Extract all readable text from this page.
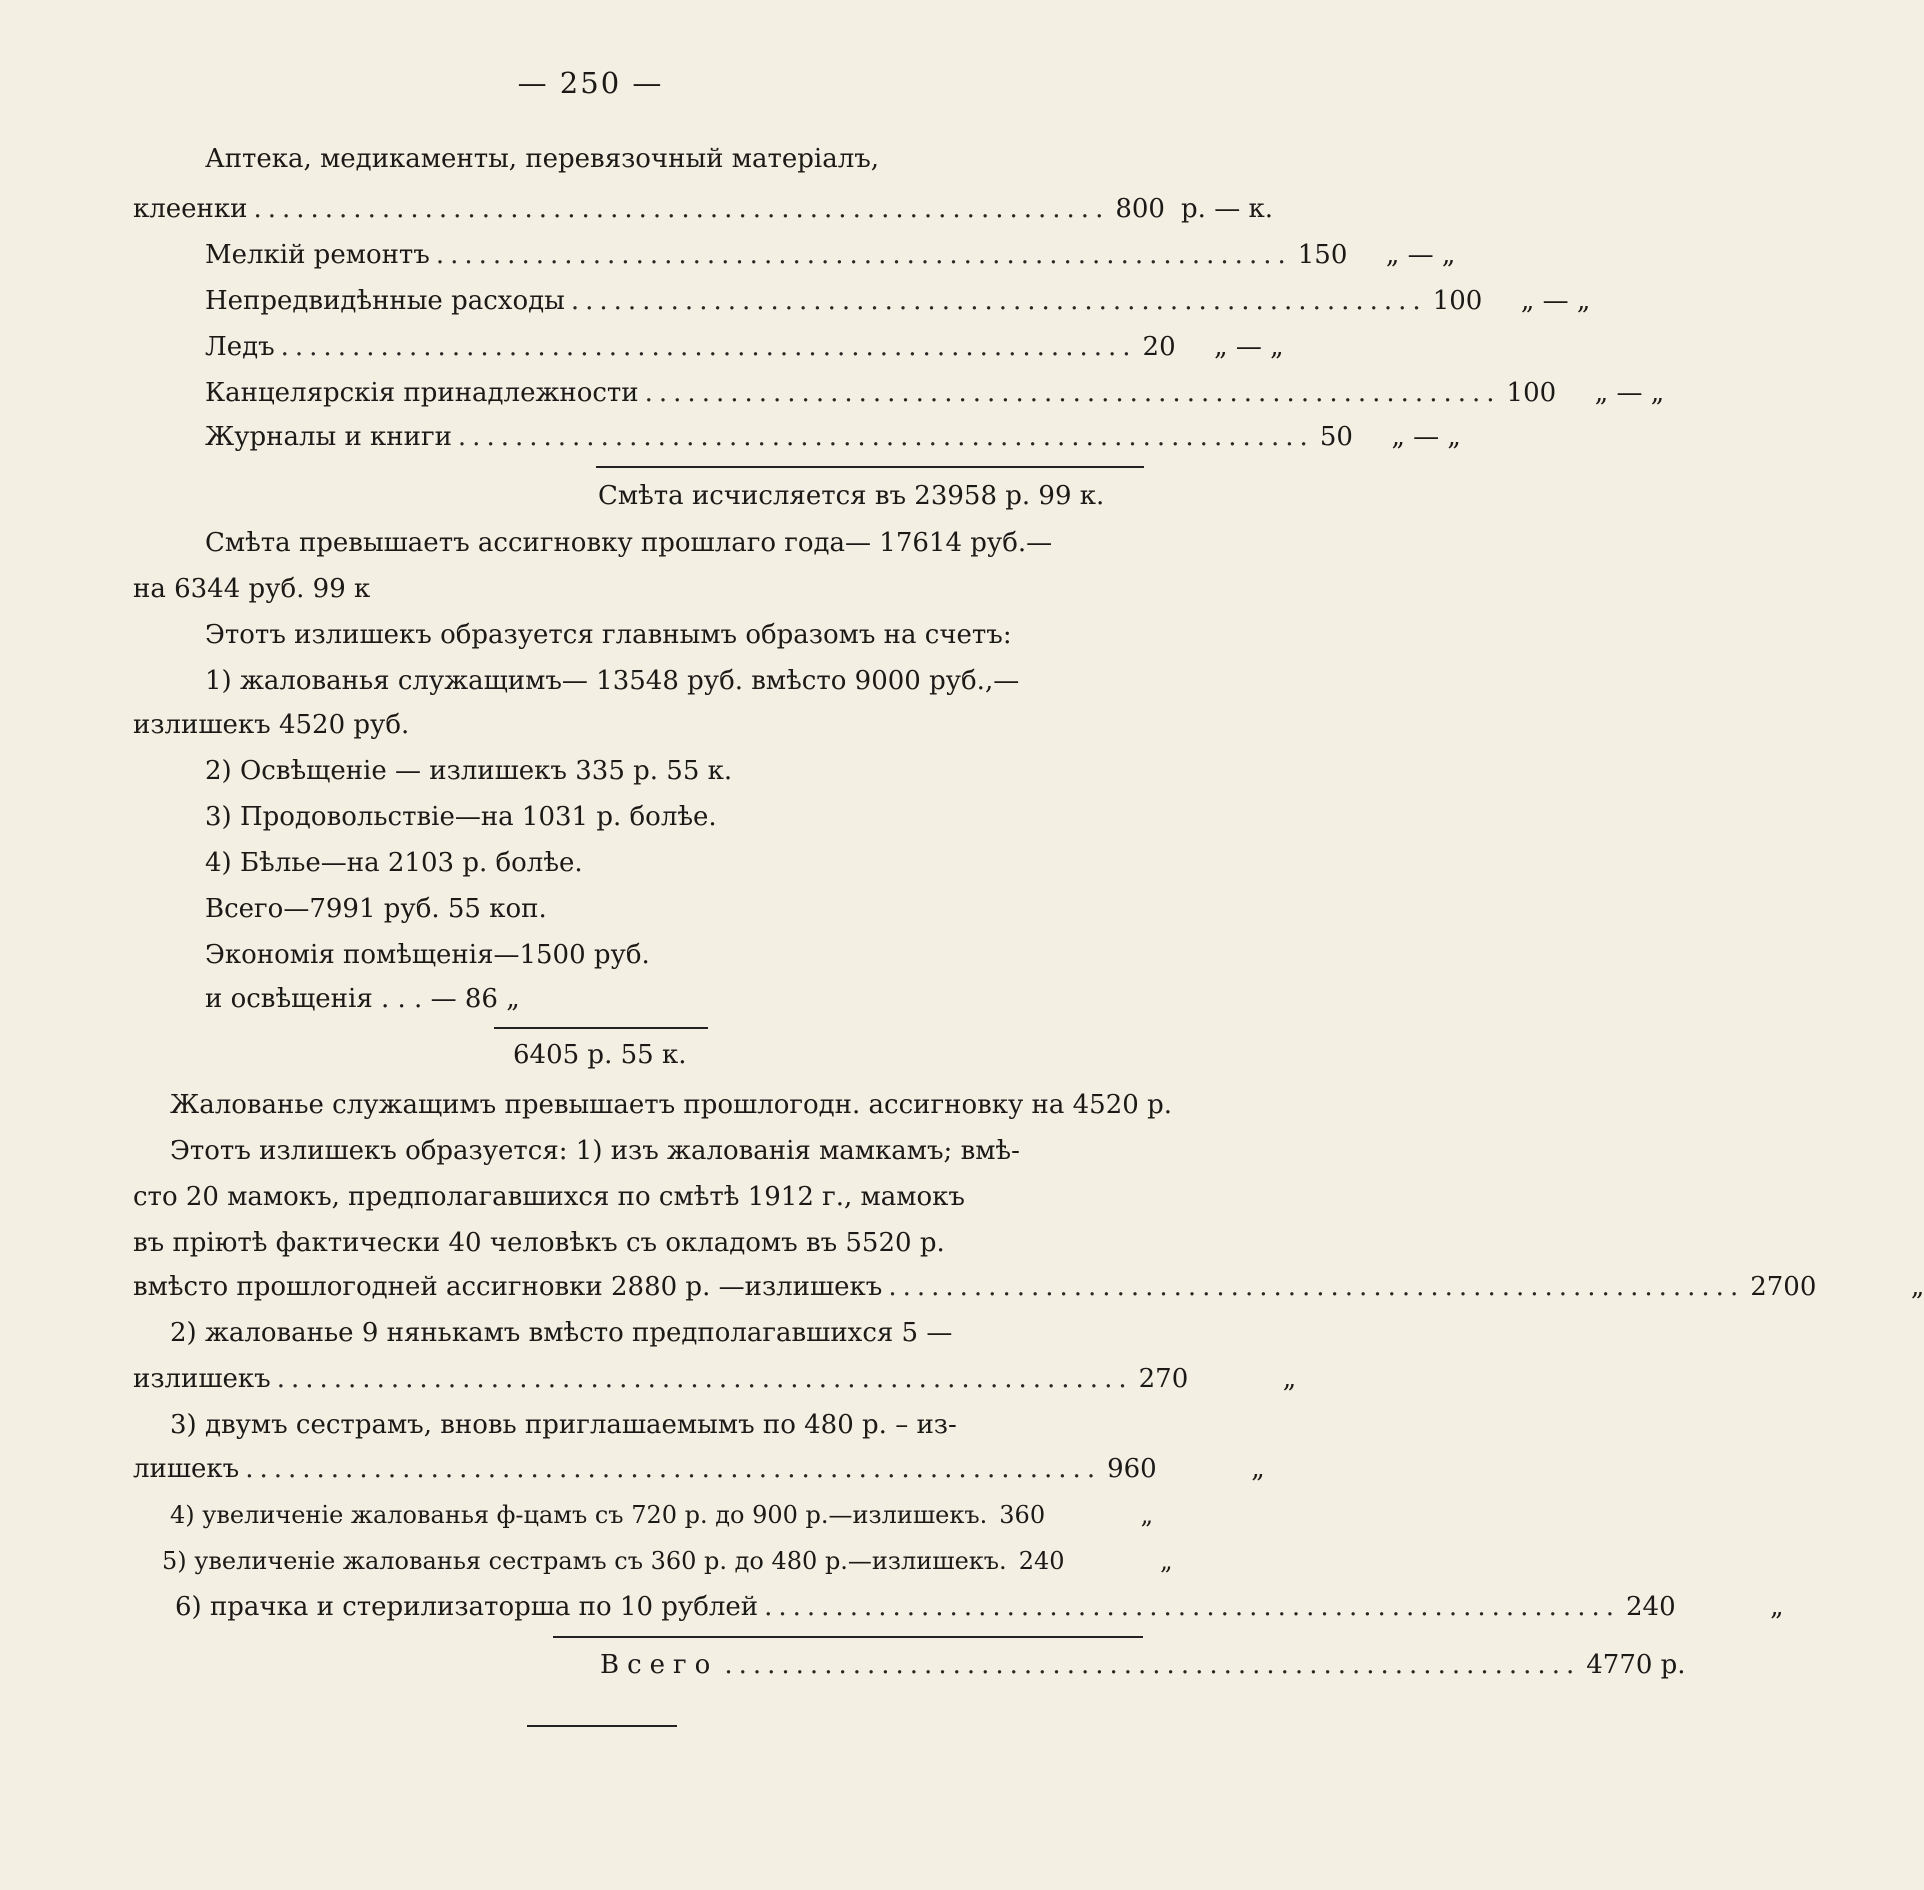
— 250 —
Аптека, медикаменты, перевязочный матеріалъ,
клеенки ............................................................ 800 р. — к.
Мелкій ремонтъ ............................................................ 150	„ — „
Непредвидѣнные расходы ............................................................ 100	„ — „
Ледъ ............................................................ 20	„ — „
Канцелярскія принадлежности ............................................................ 100	„ — „
Журналы и книги ............................................................ 50	„ — „
Смѣта исчисляется въ 23958 р. 99 к.
Смѣта превышаетъ ассигновку прошлаго года— 17614 руб.—
на 6344 руб. 99 к
Этотъ излишекъ образуется главнымъ образомъ на счетъ:
1) жалованья служащимъ— 13548 руб. вмѣсто 9000 руб.,—
излишекъ 4520 руб.
2) Освѣщеніе — излишекъ 335 р. 55 к.
3) Продовольствіе—на 1031 р. болѣе.
4) Бѣлье—на 2103 р. болѣе.
Всего—7991 руб. 55 коп.
Экономія помѣщенія—1500 руб.
и освѣщенія . . . — 86 „
6405 р. 55 к.
Жалованье служащимъ превышаетъ прошлогодн. ассигновку на 4520 р.
Этотъ излишекъ образуется: 1) изъ жалованія мамкамъ; вмѣ-
сто 20 мамокъ, предполагавшихся по смѣтѣ 1912 г., мамокъ
въ пріютѣ фактически 40 человѣкъ съ окладомъ въ 5520 р.
вмѣсто прошлогодней ассигновки 2880 р. —излишекъ ............................................................ 2700	„
2) жалованье 9 нянькамъ вмѣсто предполагавшихся 5 —
излишекъ ............................................................ 270	„
3) двумъ сестрамъ, вновь приглашаемымъ по 480 р. – из-
лишекъ ............................................................ 960	„
4) увеличеніе жалованья ф-цамъ съ 720 р. до 900 р.—излишекъ. 360	„
5) увеличеніе жалованья сестрамъ съ 360 р. до 480 р.—излишекъ. 240	„
6) прачка и стерилизаторша по 10 рублей ............................................................ 240	„
Всего ............................................................ 4770 р.
